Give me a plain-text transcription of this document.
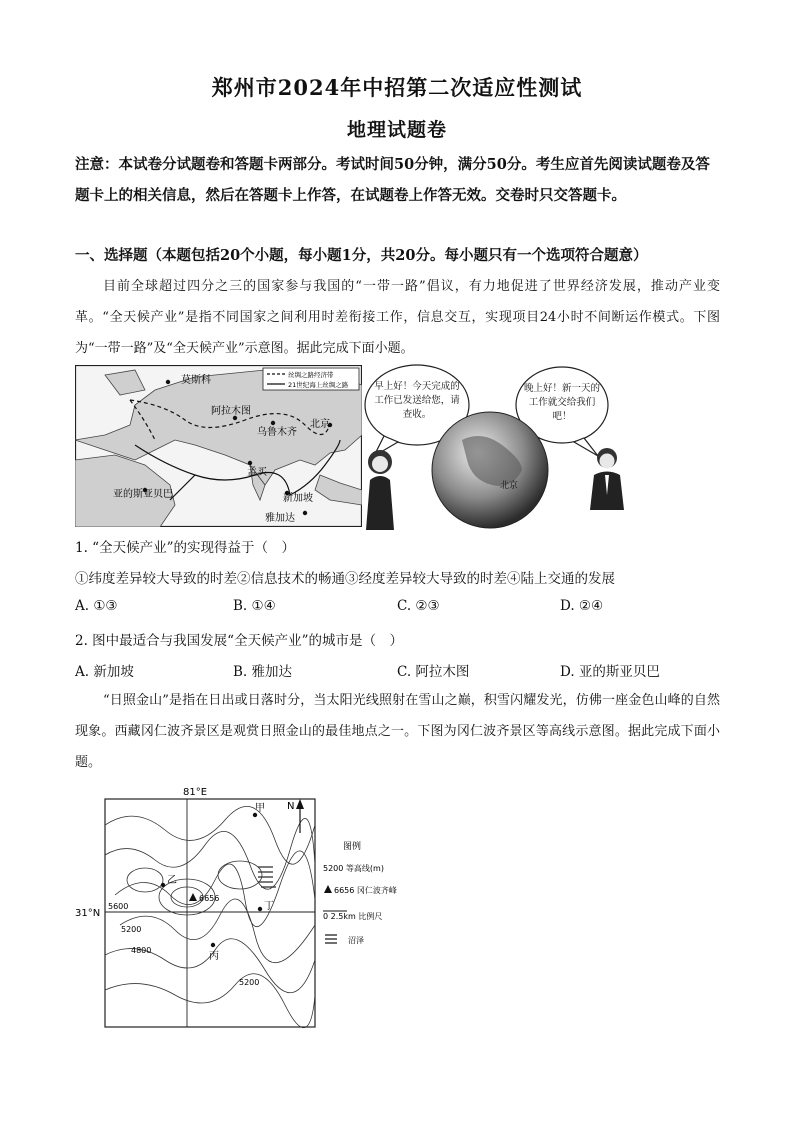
郑州市2024年中招第二次适应性测试
地理试题卷
注意：本试卷分试题卷和答题卡两部分。考试时间50分钟，满分50分。考生应首先阅读试题卷及答题卡上的相关信息，然后在答题卡上作答，在试题卷上作答无效。交卷时只交答题卡。
一、选择题（本题包括20个小题，每小题1分，共20分。每小题只有一个选项符合题意）
目前全球超过四分之三的国家参与我国的“一带一路”倡议，有力地促进了世界经济发展，推动产业变革。“全天候产业”是指不同国家之间利用时差衔接工作，信息交互，实现项目24小时不间断运作模式。下图为“一带一路”及“全天候产业”示意图。据此完成下面小题。
丝绸之路经济带
21世纪海上丝绸之路
莫斯科
阿拉木图
乌鲁木齐
北京
孟买
亚的斯亚贝巴	新加坡
雅加达
早上好！今天完成的工作已发送给您，请查收。
晚上好！新一天的工作就交给我们吧！
北京
1. “全天候产业”的实现得益于（　）
①纬度差异较大导致的时差②信息技术的畅通③经度差异较大导致的时差④陆上交通的发展
A. ①③	B. ①④	C. ②③	D. ②④
2. 图中最适合与我国发展“全天候产业”的城市是（　）
A. 新加坡	B. 雅加达	C. 阿拉木图	D. 亚的斯亚贝巴
“日照金山”是指在日出或日落时分，当太阳光线照射在雪山之巅，积雪闪耀发光，仿佛一座金色山峰的自然现象。西藏冈仁波齐景区是观赏日照金山的最佳地点之一。下图为冈仁波齐景区等高线示意图。据此完成下面小题。
81°E
31°N
6656
甲
乙
丙
丁
5600
5200
4800
5200
N
图例
5200 等高线(m)
6656 冈仁波齐峰
0 2.5km 比例尺
沼泽
